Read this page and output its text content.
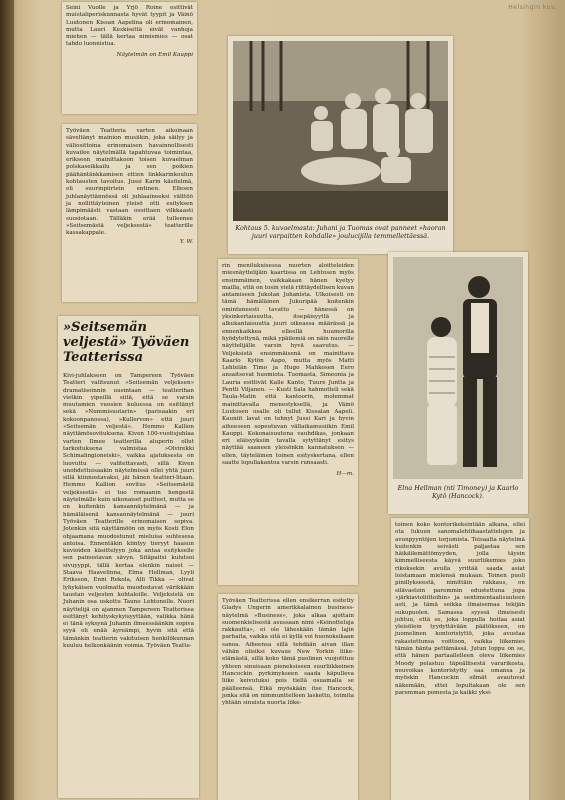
Helsingin kuv.

Seini Vuolle ja Yrjö Roine esittivät muistaliperiskunnasta hyvät tyypit ja Väinö Luutonen Kissan Aapelina oli erinomainen, mutta Lauri Keskisettä eivät vanhoja miehen — tällä kertaa nimismies — osat tahdo luonnistua.

Näytelmän on Emil Kauppi

Työväen Teatteria varten aikoinaan säveltänyt mainion musiikin, joka säilyy ja väliosittoina erinomaisen havainnollisesti kuvailee näytelmällä tapahtuvaa toimintaa, erikseen mainittakoon toisen kuvaelman polskaseikkailu ja sen poikien päähäntänkkamisen ettien linkkarinkoulun kohtausten tavoitus. Jussi Karin käsitelmä, oli suurinpiirtein entinen. Ellesen juhlanäyttännössä oli juhlaaineeksi välttöö ja nollittäyteinen yleisö otti esityksen lämpimäästi vastaan osoittaen vilkkaasti suosiotaan. Tälläkin erää tulleenee »Seitsemästä veljeksestä» teatterille kassakappale.

Y. W.
»Seitsemän veljestä» Työväen Teatterissa

Kivi-juhlakseen on Tampereen Työväen Teatteri valitsunut »Seitsemän veljeksen» dramatisoinnin uusintaan — teatterihan vietkin yipeillä siitä, että se varsin muutamien vuosien kuluessa on esittänyt sekä »Nummisuutarin» (parisaakin eri kokoonpanossa), »Kullervon» että juuri »Seitsemän veljestä». Hemmo Kallion näyttämösovituksena. Kiven 100-vuotisjuhlaa varten Ilmee teatterilla aluperin ollut tarkoituksena valmistaa »Olvirekki Schimalingioneiski», vaikka ajatuksesta on luovuttu — valitettavasti, sillä Kiven unohdettuisaakin näytelmissä ollei yhtä juuri sillä kiinnostavaksi, jäi hänen teatteri-litaan. Hemmo Kallion sovitus »Seitsemästä veljeksestä» ei tuo romaanin hengestä näytelmälle kuin uikonaiset puitteet, mutta se on kuitenkin kansannäytelmänä — ja hämäläisenä kansannäytelmänä — juuri Työväen Teatterille erinomaisen sopiva. Jotenkin sitä näyttämöön on myös Kosti Elon ohjaamana muodostunut mieluisa suhtesesa antoisa. Ennentäkin kiintyy tieryyt haasun kuvioiden käsittelyyn joka antaa esitykselle sen painostavan sävyn. Sitäpaitsi kulutsoi sivuyyppi, tällä kertaa elenkin naiset — Staava Haavelinna, Elma Hellman, Lyyli Eriksson, Enni Rekola, Alli Tikka — olivat lyhykäisen vuolmatta muodostavat värikkään taustan veljesten kohtaloille. Veljeksistä on Juhanin osa uskottu Tauno Lehtonelle. Nuori näyttelijä on ajanmen Tampereen Teatterissa esittänyt kehityskykyisyyttään, valikka hänä ei tänä syksynä Juhanin ilmeessäänkin sopiva syyä oli enää äyreämpi, hyvin sitä että tämänkin teatterin vakituisen henkilökunnan kuuluu helkonkäänin voimia. Työväen Teatte-

Kohtaus 5. kuvaelmasta: Juhani ja Tuomas ovat panneet »haoran juuri varpaitten kohdalle» joulucijilla temmellettäessä.

rin menilukuisessa nuorten aloitteleiden miesnäyttelijäin kaartissa on Lehtosen myös ensimmäinen, vaikkakaan hänen kyetyy mailla, että on tosin vielä riittäydellisen kuvan antamiseen Jukolan Juhanista. Ulkoisesti on tämä hämäläinen Jukuripää kuitenkin omintuneesti tavattu — hänessä on yksinkertaisuutta, itsepäisyyttä ja alkukantaisuutta juuri oikeassa määrässä ja ennenkaikkea elleellä huumorilla hyödytettynä, mikä ypäilemiä on näin nuorelle näyttelijälle varsin hyvä saavutus. — Veljeksistä ensimmäisenä on mainittava Kaarlo Kytön Aapo, mutta myös Matti Lehtelän Timo ja Hugo Mahkosen Eero ansaitsevat huomiota. Tuomasta, Simeonia ja Lauria esittivät Kalle Kanto, Tuure Juntta ja Pentti Viljanen. — Kusti Sala hahmotteli sekä Taula-Matin että kantoorin, molemmat mainittavalla menestyksellä, ja Väinö Luutosen osalle oli tullut Kissalan Aapeli. Kauniit lavat on tehnyt Jussi Kari ja hyvin aiheeseen sopeutuvan vällaikamusiikin Emil Kauppi. Kokonaisuutena vauhdikas, jonkaan eri eläisyyksiin tavalla sytyttänyt esitys näyttää saaneen yleisönkin kannatuksen — ellen, täyteläinen toinen esityskertana, ellen saatte lopullakantoa varsin runsaasti.

H—m.

Työväen Teatterissa ellen ensikerran esitetty Gladys Ungerin amerikkalainen business-näytelmä »Business», joka alkaa ajottain suomenkielisestä asussaan nimi »Keinotteluja rakkautta», ei ole läheskään tämän lajin parhaita, vaikka sitä ei kyllä voi huonoksikaan sanoa. Aiheensa sillä tehdään aivan illan vähän olisiksi kuvaus New Yorkin liike-elämästä, sillä koko tämä puolinen vuojotttuu yhteen sinuisaan pieneksiseen suurliikkeinen Hancockin pyrkimykseen saada käpulleva liike keivutuksi pois tiellä osuamalla se päälleensä. Eikä myöskään itse Hancock, jonka sitä on nimmunttelleen laskettu, toimita yhtään sinuista nuorta liike-

Elna Hellman (nti Timoney) ja Kaarlo Kytö (Hancock).

toinen koko kontorikeksintään alkana, ellei ota lukuun sanomalehtihaastattelujen ja avunpyyntöjen torjumista. Toisaalta näytelmä kuitenkin seivästi paljastaa sen häikäilemättömyyden, jolla täysin kimmelliseesta käyvä suurliikemies joko rikoksekin avulla yrittää saada asiat loistamaan mielensä mukaan. Toinen puoli pinillykseestä, nimittäin rakkaus, on silävastoin paremmin edustettuna jopa »järkiavioliittoihin» ja sentimentaalisuuteen asti, ja tämä seikka ilmaisemaa tekijän sukupuolen. Samassa syyssä ilmeisesti johtuu, että se, joka loppulla hoitaa asiat yleisölein tyydyttävään päätökseen, on juomelinen kontoristyttö, joka avustaa rakastettunsa voittoon, vaikka liikemies tämän hänta pettämässä. Jutun loppu on se, että hänen partaallelleen oleva liikemies Moody pelastuu täpeällisestä vararikosta, neuvoikas kontoristytty saa omansa ja myöskin Hancockin silmät avautuvat näkemään, ettei lopultakaan ole sen paremman pomesta ja kaikki yksi-
